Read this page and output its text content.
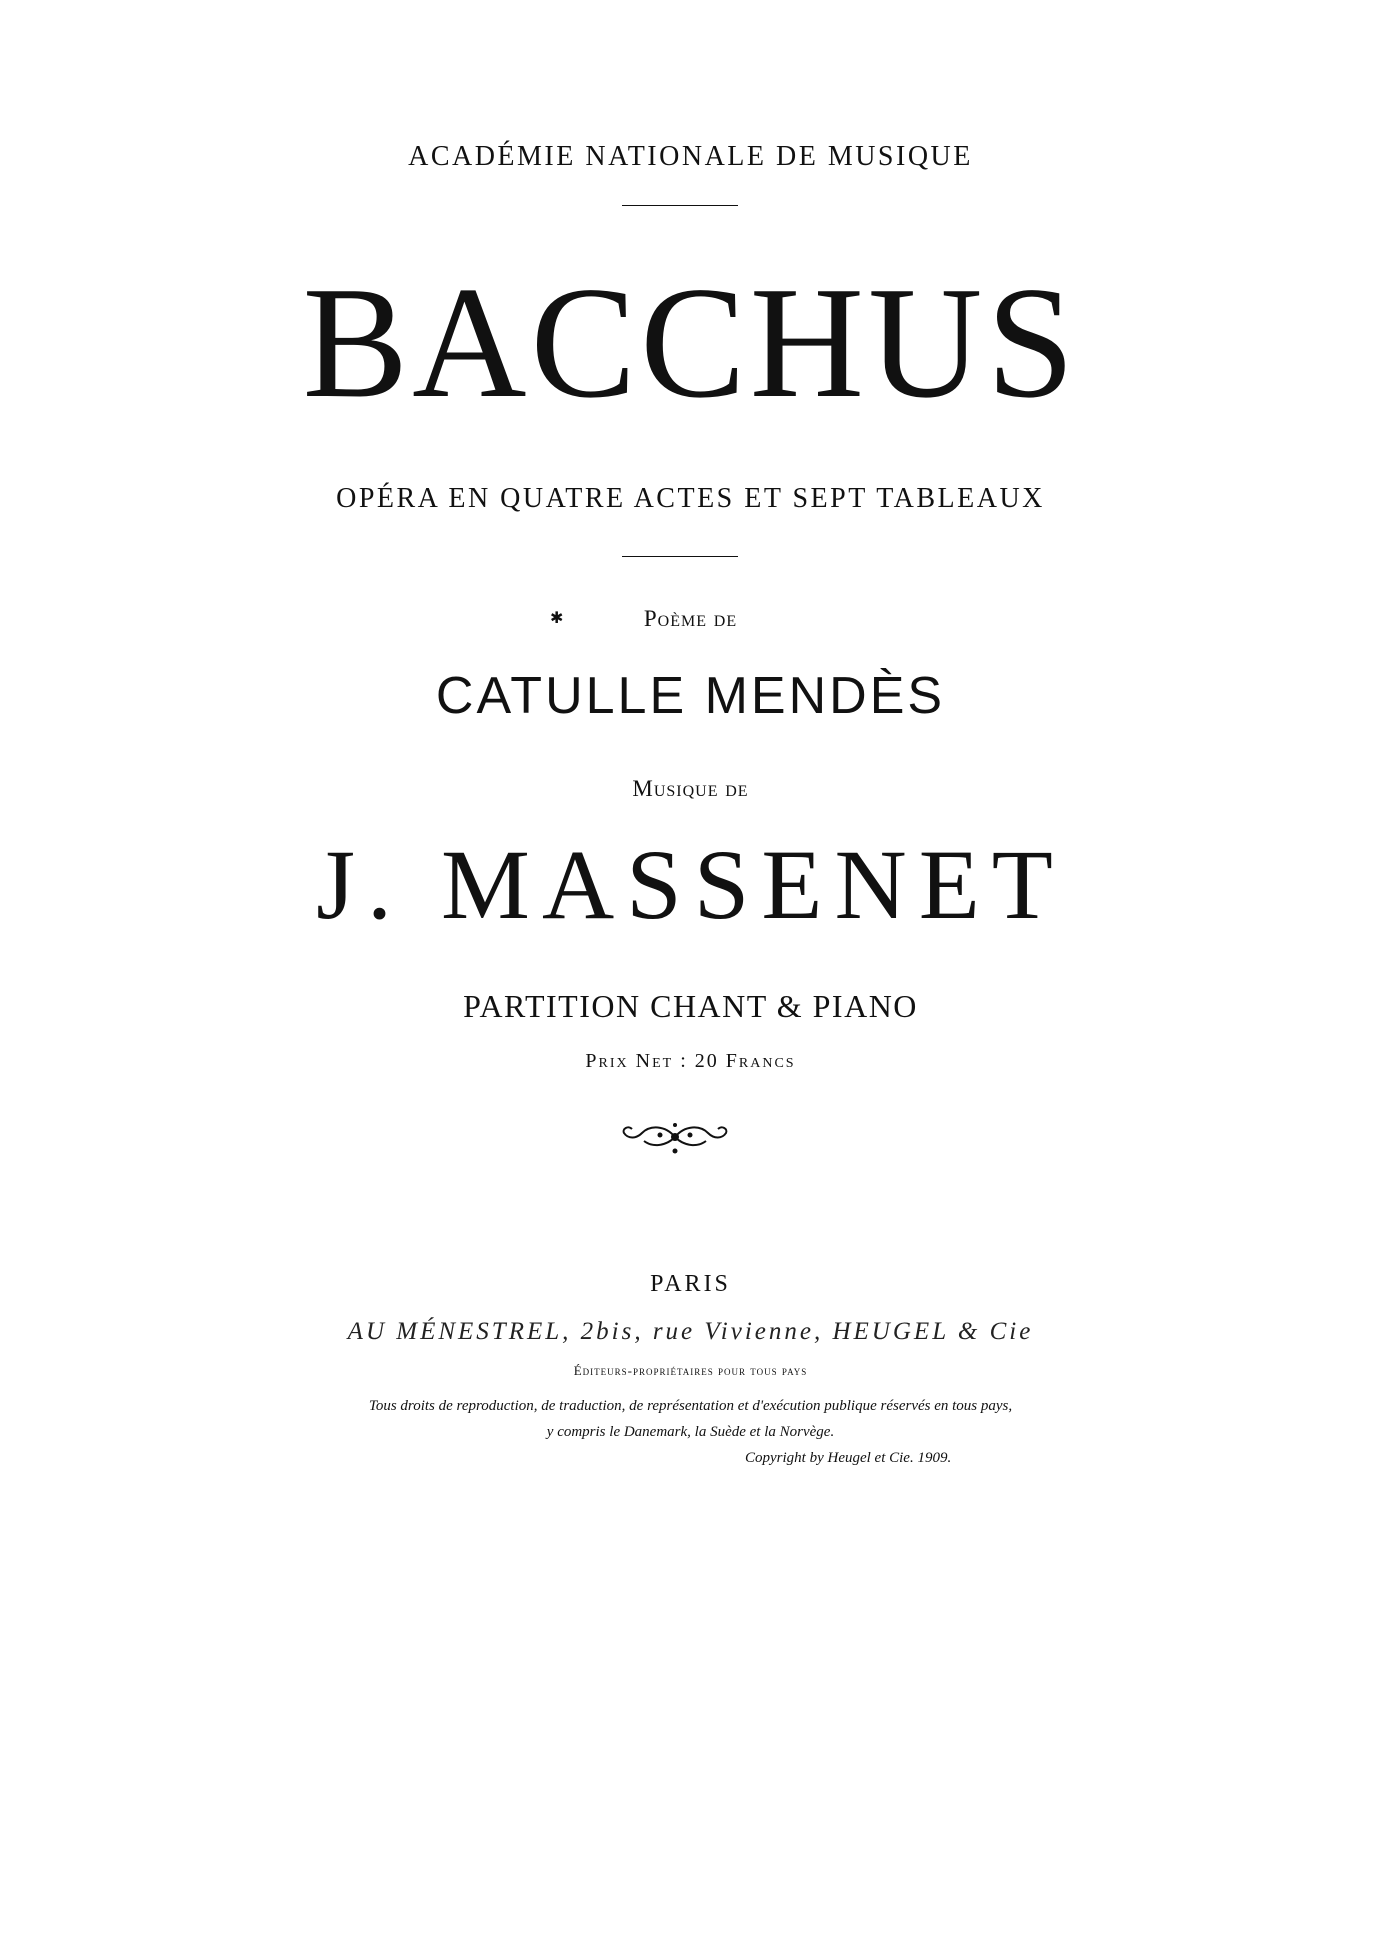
ACADÉMIE NATIONALE DE MUSIQUE
BACCHUS
OPÉRA EN QUATRE ACTES ET SEPT TABLEAUX
✱	Poème de
CATULLE MENDÈS
Musique de
J. MASSENET
PARTITION CHANT & PIANO
Prix Net : 20 Francs
PARIS
AU MÉNESTREL, 2bis, rue Vivienne, HEUGEL & Cie
Éditeurs-propriétaires pour tous pays
Tous droits de reproduction, de traduction, de représentation et d'exécution publique réservés en tous pays,
y compris le Danemark, la Suède et la Norvège.
Copyright by Heugel et Cie. 1909.
